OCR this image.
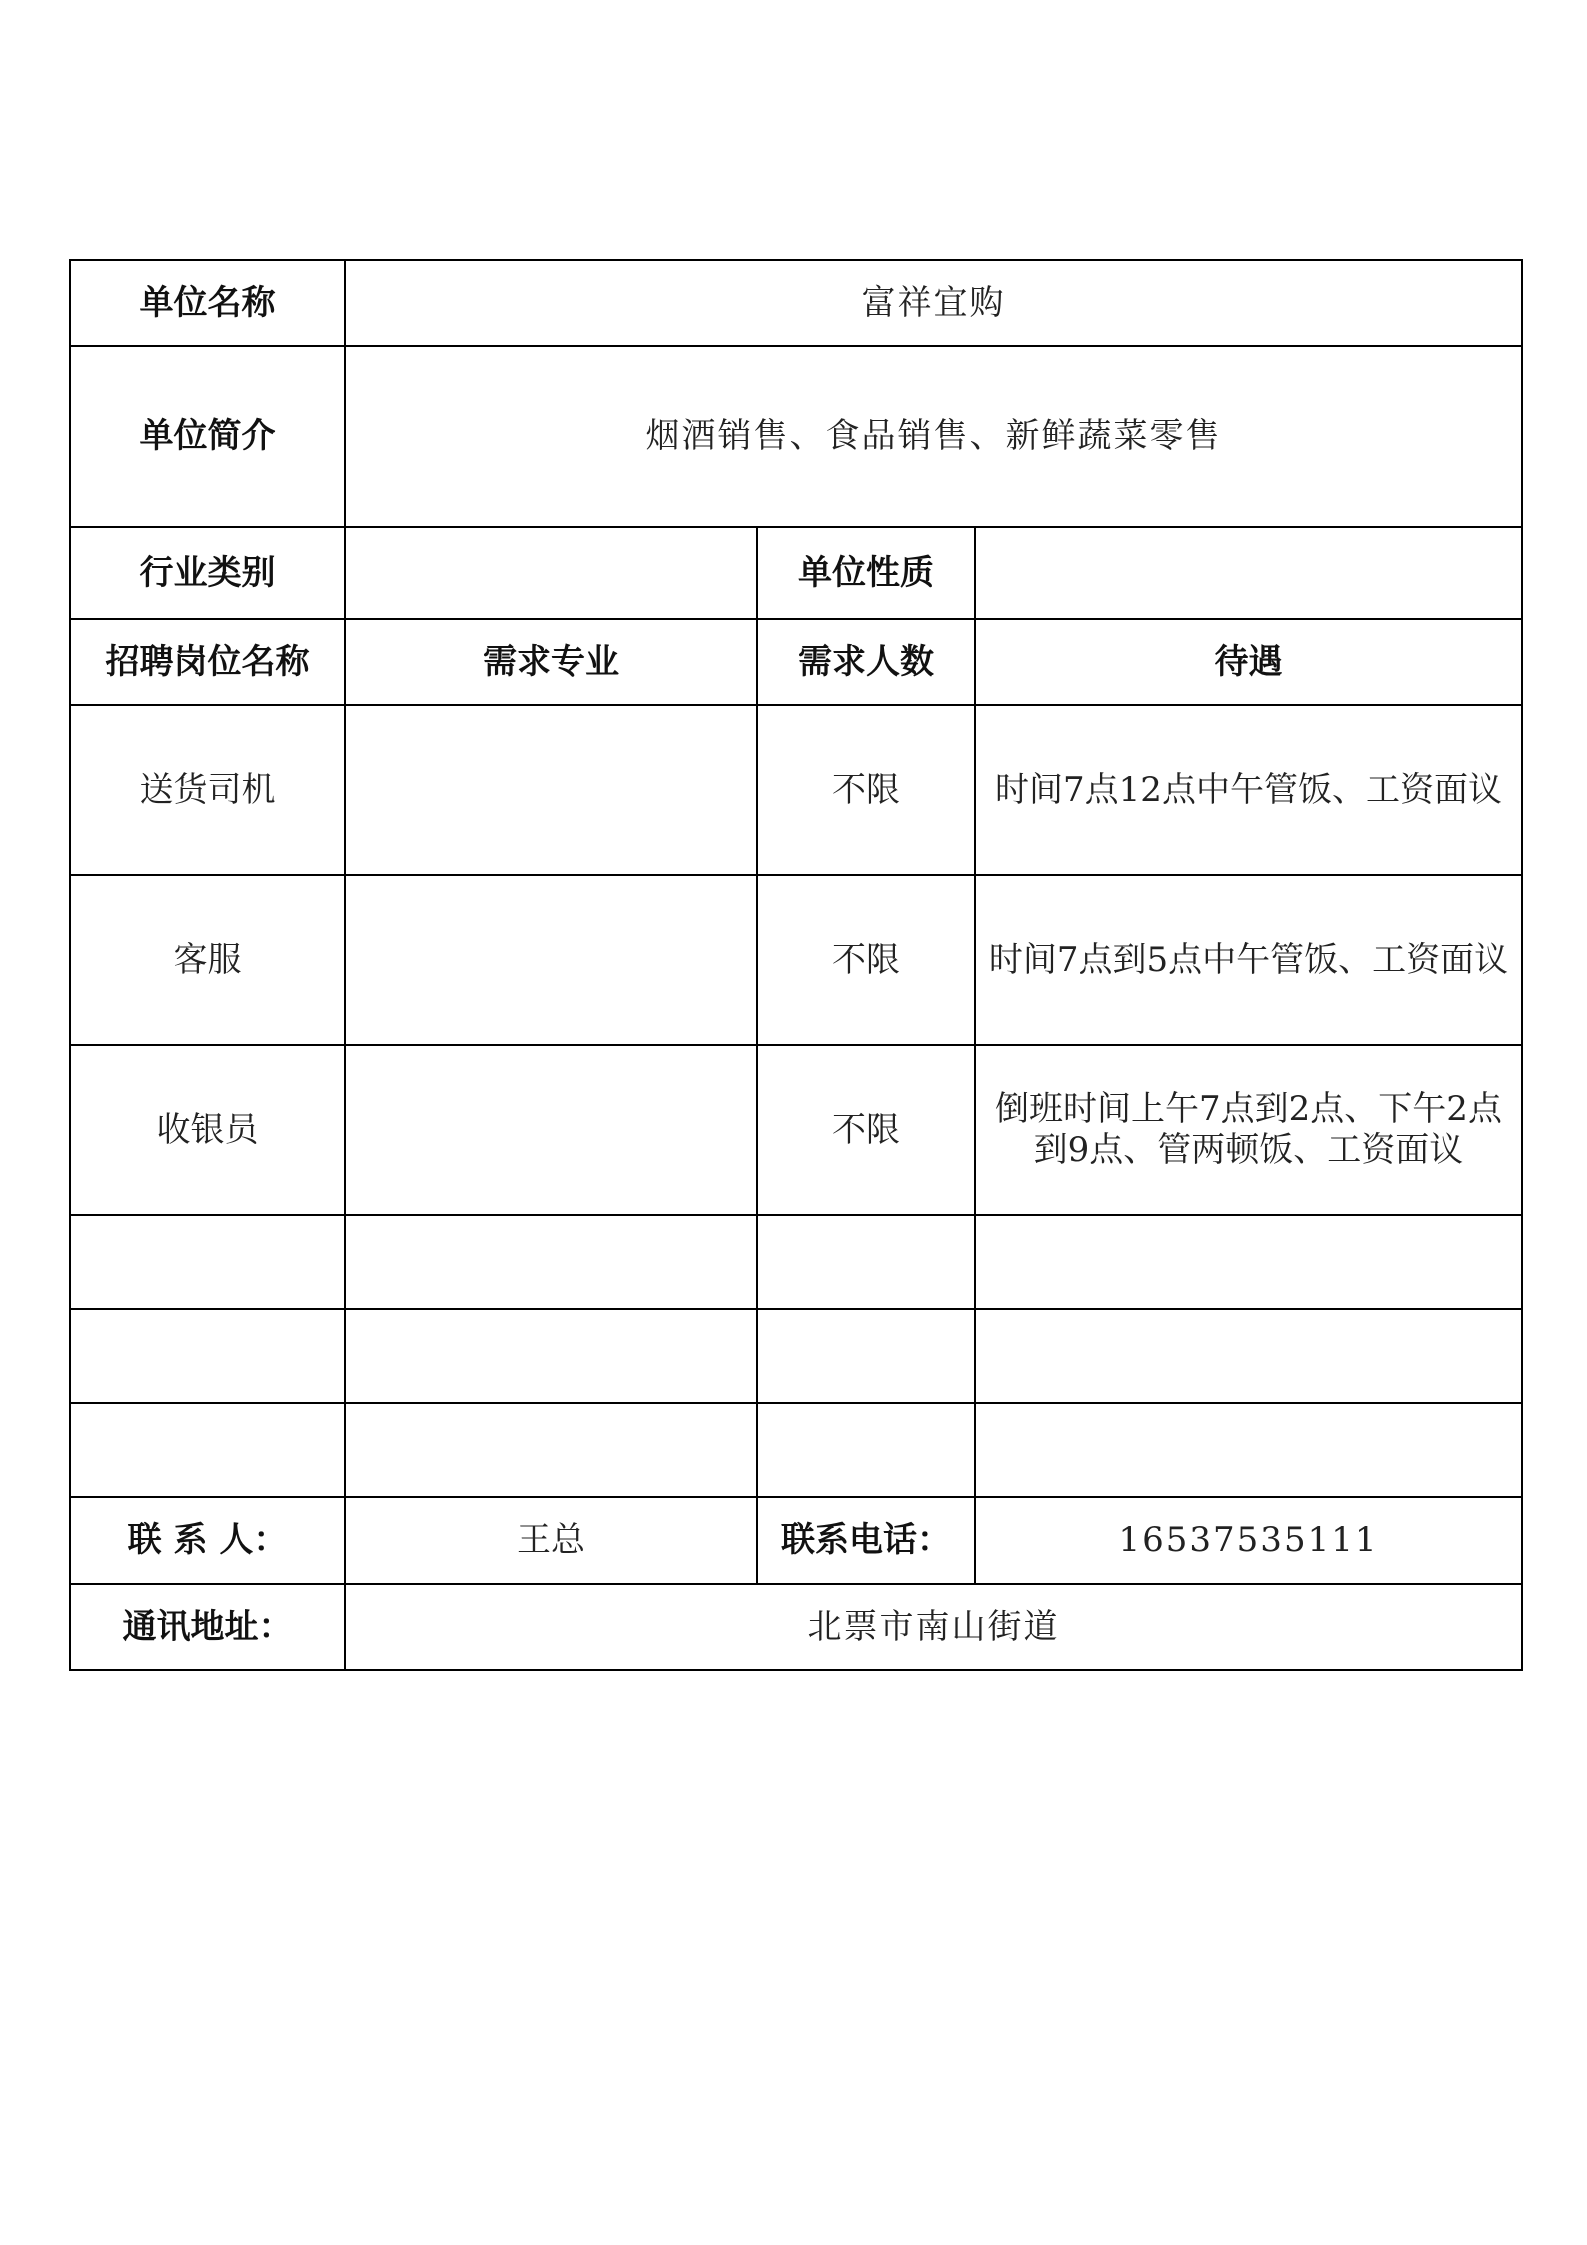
单位名称	富祥宜购		
单位简介	烟酒销售、食品销售、新鲜蔬菜零售		
行业类别		单位性质	
招聘岗位名称	需求专业	需求人数	待遇
送货司机		不限	时间7点12点中午管饭、工资面议
客服		不限	时间7点到5点中午管饭、工资面议
收银员		不限	倒班时间上午7点到2点、下午2点到9点、管两顿饭、工资面议

联 系 人：	王总	联系电话：	16537535111
通讯地址：	北票市南山街道		
